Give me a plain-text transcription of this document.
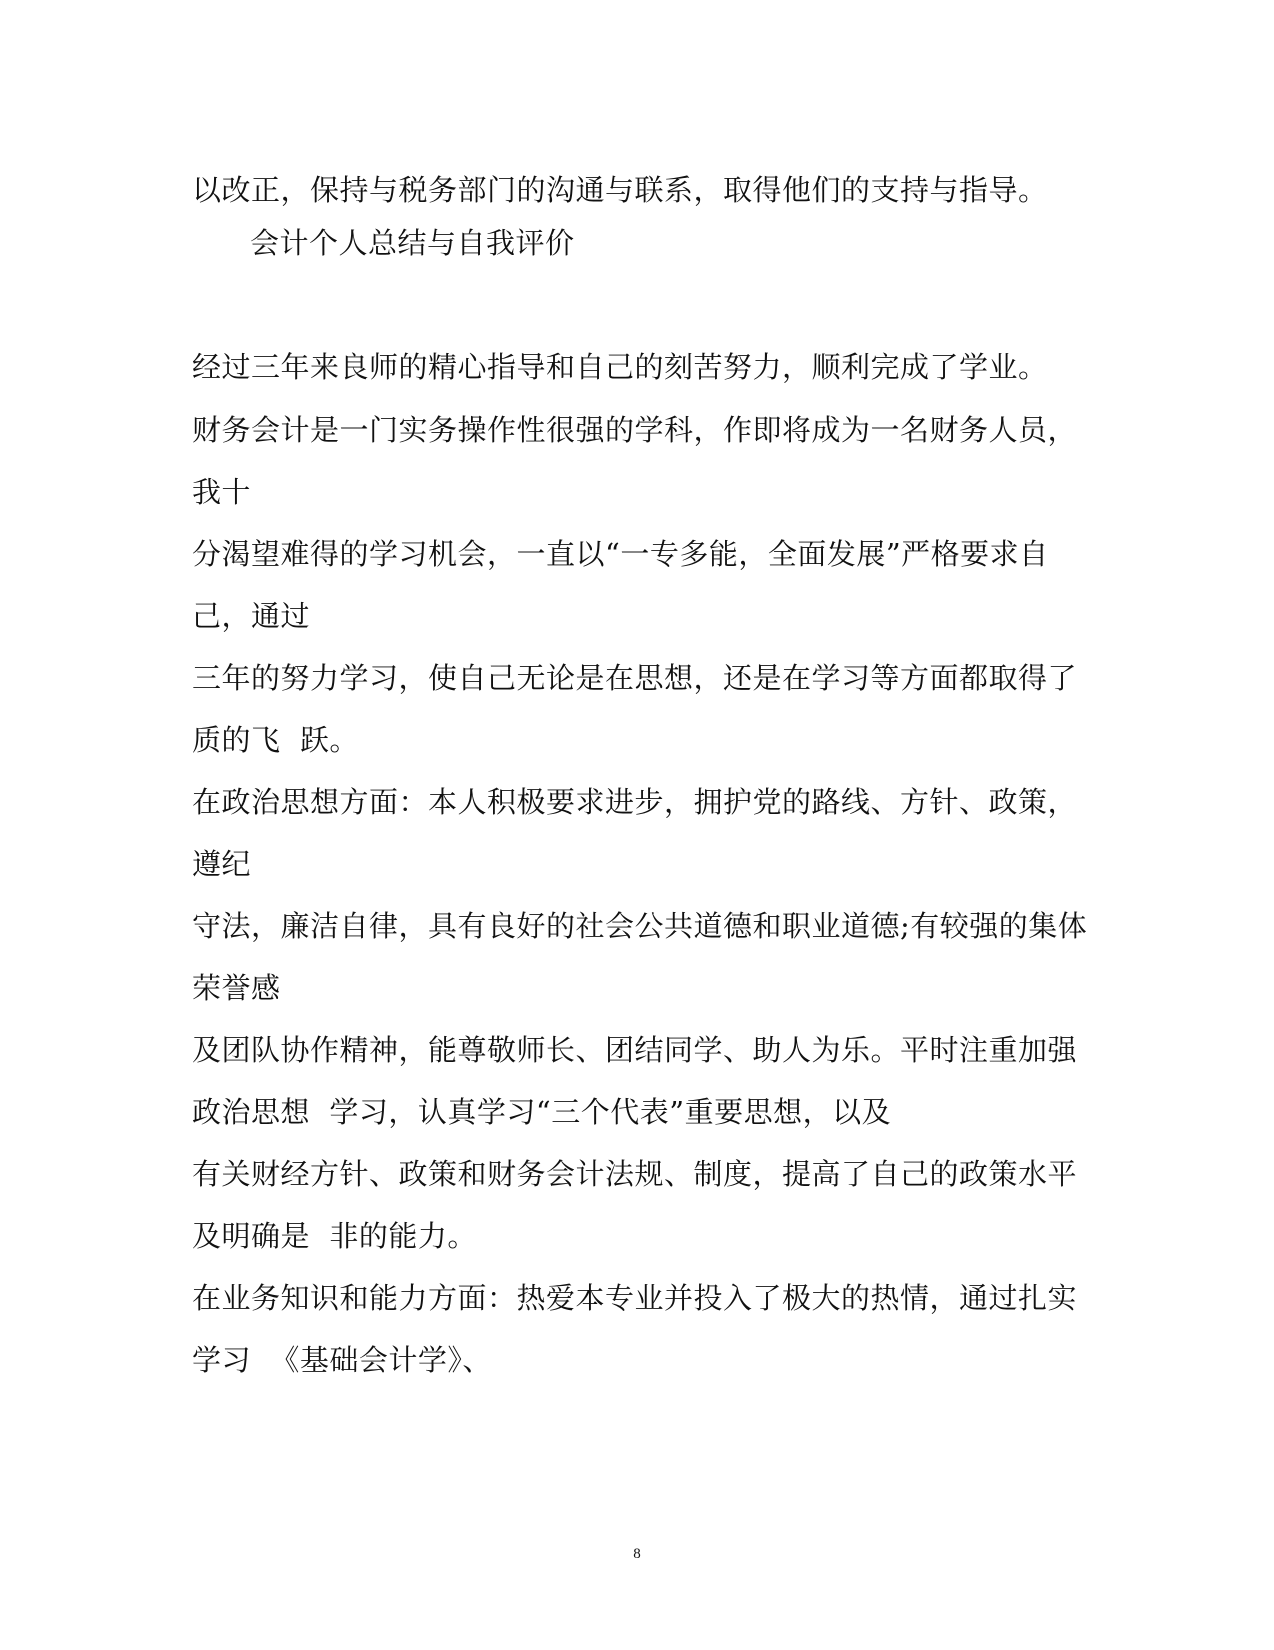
以改正，保持与税务部门的沟通与联系，取得他们的支持与指导。
会计个人总结与自我评价
经过三年来良师的精心指导和自己的刻苦努力，顺利完成了学业。
财务会计是一门实务操作性很强的学科，作即将成为一名财务人员，
我十
分渴望难得的学习机会，一直以“一专多能，全面发展”严格要求自
己，通过
三年的努力学习，使自己无论是在思想，还是在学习等方面都取得了
质的飞  跃。
在政治思想方面：本人积极要求进步，拥护党的路线、方针、政策，
遵纪
守法，廉洁自律，具有良好的社会公共道德和职业道德;有较强的集体
荣誉感
及团队协作精神，能尊敬师长、团结同学、助人为乐。平时注重加强
政治思想  学习，认真学习“三个代表”重要思想，以及
有关财经方针、政策和财务会计法规、制度，提高了自己的政策水平
及明确是  非的能力。
在业务知识和能力方面：热爱本专业并投入了极大的热情，通过扎实
学习  《基础会计学》、
8
